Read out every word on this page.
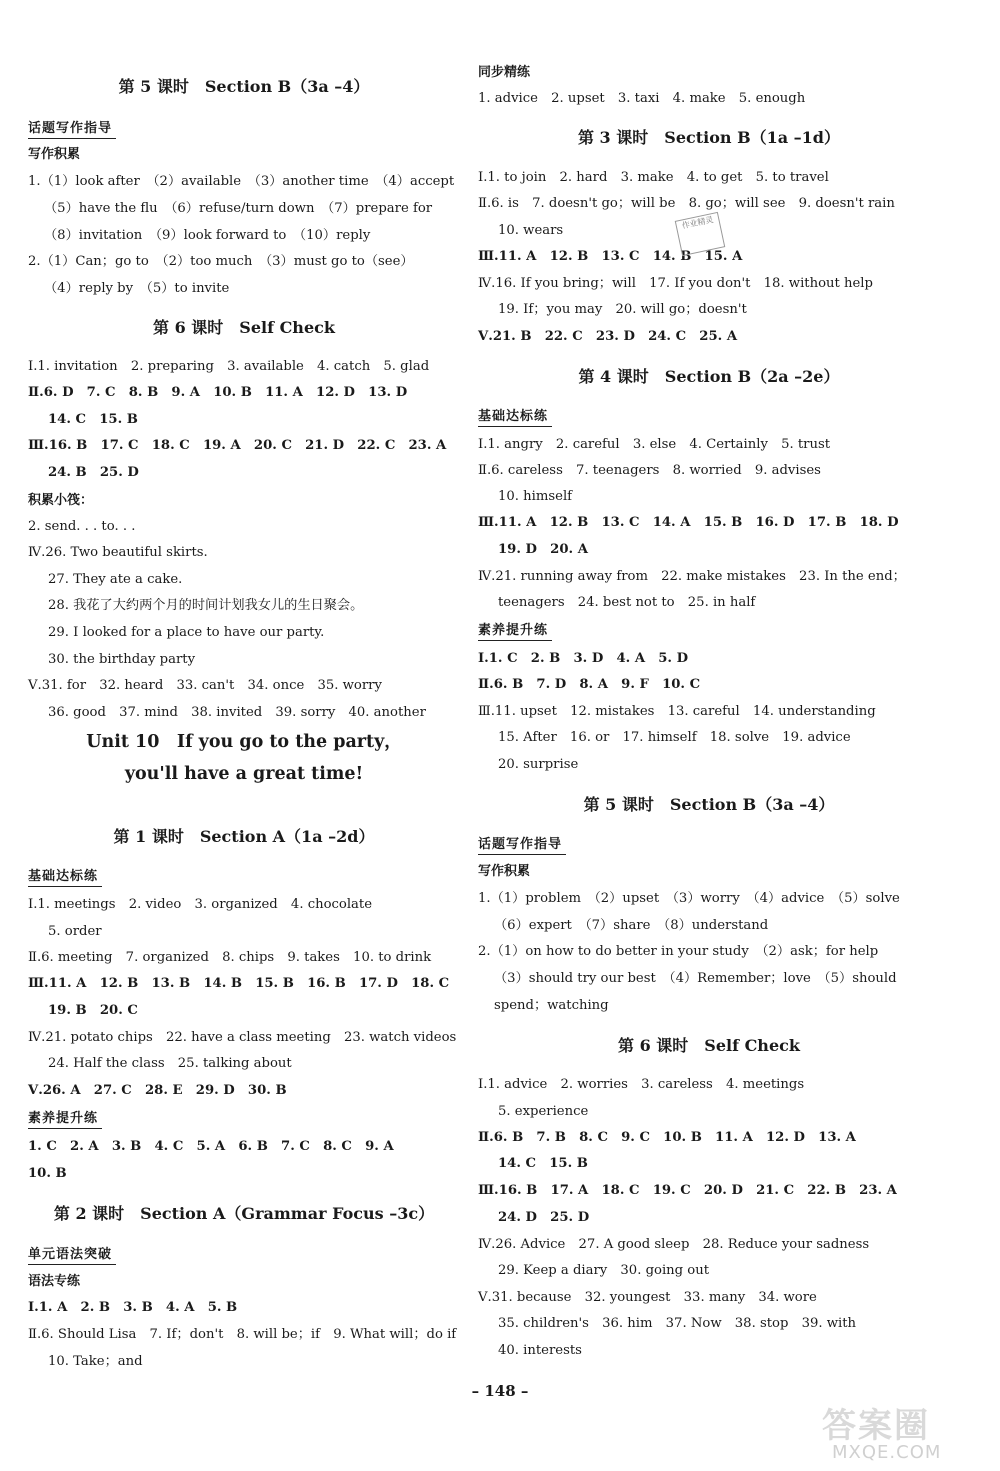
第 5 课时　Section B（3a –4）
话题写作指导
写作积累
1.（1）look after　（2）available　（3）another time　（4）accept
（5）have the flu　（6）refuse/turn down　（7）prepare for
（8）invitation　（9）look forward to　（10）reply
2.（1）Can；go to　（2）too much　（3）must go to（see）
（4）reply by　（5）to invite
第 6 课时　Self Check
Ⅰ.1. invitation　2. preparing　3. available　4. catch　5. glad
Ⅱ.6. D　7. C　8. B　9. A　10. B　11. A　12. D　13. D
14. C　15. B
Ⅲ.16. B　17. C　18. C　19. A　20. C　21. D　22. C　23. A
24. B　25. D
积累小筏：
2. send. . . to. . .
Ⅳ.26. Two beautiful skirts.
27. They ate a cake.
28. 我花了大约两个月的时间计划我女儿的生日聚会。
29. I looked for a place to have our party.
30. the birthday party
Ⅴ.31. for　32. heard　33. can't　34. once　35. worry
36. good　37. mind　38. invited　39. sorry　40. another
Unit 10　If you go to the party，
you'll have a great time!
第 1 课时　Section A（1a –2d）
基础达标练
Ⅰ.1. meetings　2. video　3. organized　4. chocolate
5. order
Ⅱ.6. meeting　7. organized　8. chips　9. takes　10. to drink
Ⅲ.11. A　12. B　13. B　14. B　15. B　16. B　17. D　18. C
19. B　20. C
Ⅳ.21. potato chips　22. have a class meeting　23. watch videos
24. Half the class　25. talking about
Ⅴ.26. A　27. C　28. E　29. D　30. B
素养提升练
1. C　2. A　3. B　4. C　5. A　6. B　7. C　8. C　9. A
10. B
第 2 课时　Section A（Grammar Focus –3c）
单元语法突破
语法专练
Ⅰ.1. A　2. B　3. B　4. A　5. B
Ⅱ.6. Should Lisa　7. If；don't　8. will be；if　9. What will；do if
10. Take；and
同步精练
1. advice　2. upset　3. taxi　4. make　5. enough
第 3 课时　Section B（1a –1d）
Ⅰ.1. to join　2. hard　3. make　4. to get　5. to travel
Ⅱ.6. is　7. doesn't go；will be　8. go；will see　9. doesn't rain
10. wears
Ⅲ.11. A　12. B　13. C　14. B　15. A
Ⅳ.16. If you bring；will　17. If you don't　18. without help
19. If；you may　20. will go；doesn't
Ⅴ.21. B　22. C　23. D　24. C　25. A
第 4 课时　Section B（2a –2e）
基础达标练
Ⅰ.1. angry　2. careful　3. else　4. Certainly　5. trust
Ⅱ.6. careless　7. teenagers　8. worried　9. advises
10. himself
Ⅲ.11. A　12. B　13. C　14. A　15. B　16. D　17. B　18. D
19. D　20. A
Ⅳ.21. running away from　22. make mistakes　23. In the end；
teenagers　24. best not to　25. in half
素养提升练
Ⅰ.1. C　2. B　3. D　4. A　5. D
Ⅱ.6. B　7. D　8. A　9. F　10. C
Ⅲ.11. upset　12. mistakes　13. careful　14. understanding
15. After　16. or　17. himself　18. solve　19. advice
20. surprise
第 5 课时　Section B（3a –4）
话题写作指导
写作积累
1.（1）problem　（2）upset　（3）worry　（4）advice　（5）solve
（6）expert　（7）share　（8）understand
2.（1）on how to do better in your study　（2）ask；for help
（3）should try our best　（4）Remember；love　（5）should
spend；watching
第 6 课时　Self Check
Ⅰ.1. advice　2. worries　3. careless　4. meetings
5. experience
Ⅱ.6. B　7. B　8. C　9. C　10. B　11. A　12. D　13. A
14. C　15. B
Ⅲ.16. B　17. A　18. C　19. C　20. D　21. C　22. B　23. A
24. D　25. D
Ⅳ.26. Advice　27. A good sleep　28. Reduce your sadness
29. Keep a diary　30. going out
Ⅴ.31. because　32. youngest　33. many　34. wore
35. children's　36. him　37. Now　38. stop　39. with
40. interests
作业精灵
– 148 –
答案圈
MXQE.COM
